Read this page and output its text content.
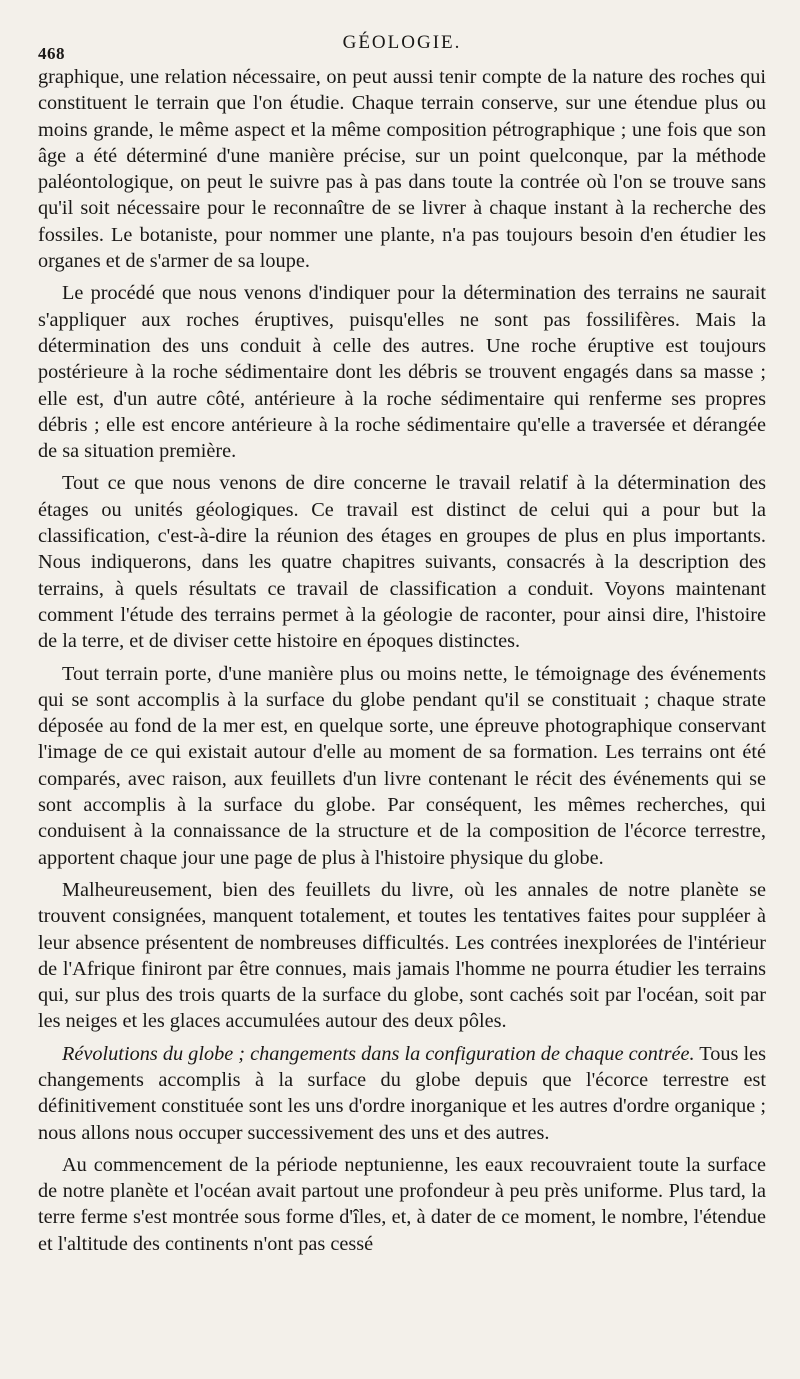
468
GÉOLOGIE.

graphique, une relation nécessaire, on peut aussi tenir compte de la nature des roches qui constituent le terrain que l'on étudie. Chaque terrain conserve, sur une étendue plus ou moins grande, le même aspect et la même composition pétrographique ; une fois que son âge a été déterminé d'une manière précise, sur un point quelconque, par la méthode paléontologique, on peut le suivre pas à pas dans toute la contrée où l'on se trouve sans qu'il soit nécessaire pour le reconnaître de se livrer à chaque instant à la recherche des fossiles. Le botaniste, pour nommer une plante, n'a pas toujours besoin d'en étudier les organes et de s'armer de sa loupe.

Le procédé que nous venons d'indiquer pour la détermination des terrains ne saurait s'appliquer aux roches éruptives, puisqu'elles ne sont pas fossilifères. Mais la détermination des uns conduit à celle des autres. Une roche éruptive est toujours postérieure à la roche sédimentaire dont les débris se trouvent engagés dans sa masse ; elle est, d'un autre côté, antérieure à la roche sédimentaire qui renferme ses propres débris ; elle est encore antérieure à la roche sédimentaire qu'elle a traversée et dérangée de sa situation première.

Tout ce que nous venons de dire concerne le travail relatif à la détermination des étages ou unités géologiques. Ce travail est distinct de celui qui a pour but la classification, c'est-à-dire la réunion des étages en groupes de plus en plus importants. Nous indiquerons, dans les quatre chapitres suivants, consacrés à la description des terrains, à quels résultats ce travail de classification a conduit. Voyons maintenant comment l'étude des terrains permet à la géologie de raconter, pour ainsi dire, l'histoire de la terre, et de diviser cette histoire en époques distinctes.

Tout terrain porte, d'une manière plus ou moins nette, le témoignage des événements qui se sont accomplis à la surface du globe pendant qu'il se constituait ; chaque strate déposée au fond de la mer est, en quelque sorte, une épreuve photographique conservant l'image de ce qui existait autour d'elle au moment de sa formation. Les terrains ont été comparés, avec raison, aux feuillets d'un livre contenant le récit des événements qui se sont accomplis à la surface du globe. Par conséquent, les mêmes recherches, qui conduisent à la connaissance de la structure et de la composition de l'écorce terrestre, apportent chaque jour une page de plus à l'histoire physique du globe.

Malheureusement, bien des feuillets du livre, où les annales de notre planète se trouvent consignées, manquent totalement, et toutes les tentatives faites pour suppléer à leur absence présentent de nombreuses difficultés. Les contrées inexplorées de l'intérieur de l'Afrique finiront par être connues, mais jamais l'homme ne pourra étudier les terrains qui, sur plus des trois quarts de la surface du globe, sont cachés soit par l'océan, soit par les neiges et les glaces accumulées autour des deux pôles.

Révolutions du globe ; changements dans la configuration de chaque contrée. Tous les changements accomplis à la surface du globe depuis que l'écorce terrestre est définitivement constituée sont les uns d'ordre inorganique et les autres d'ordre organique ; nous allons nous occuper successivement des uns et des autres.

Au commencement de la période neptunienne, les eaux recouvraient toute la surface de notre planète et l'océan avait partout une profondeur à peu près uniforme. Plus tard, la terre ferme s'est montrée sous forme d'îles, et, à dater de ce moment, le nombre, l'étendue et l'altitude des continents n'ont pas cessé
